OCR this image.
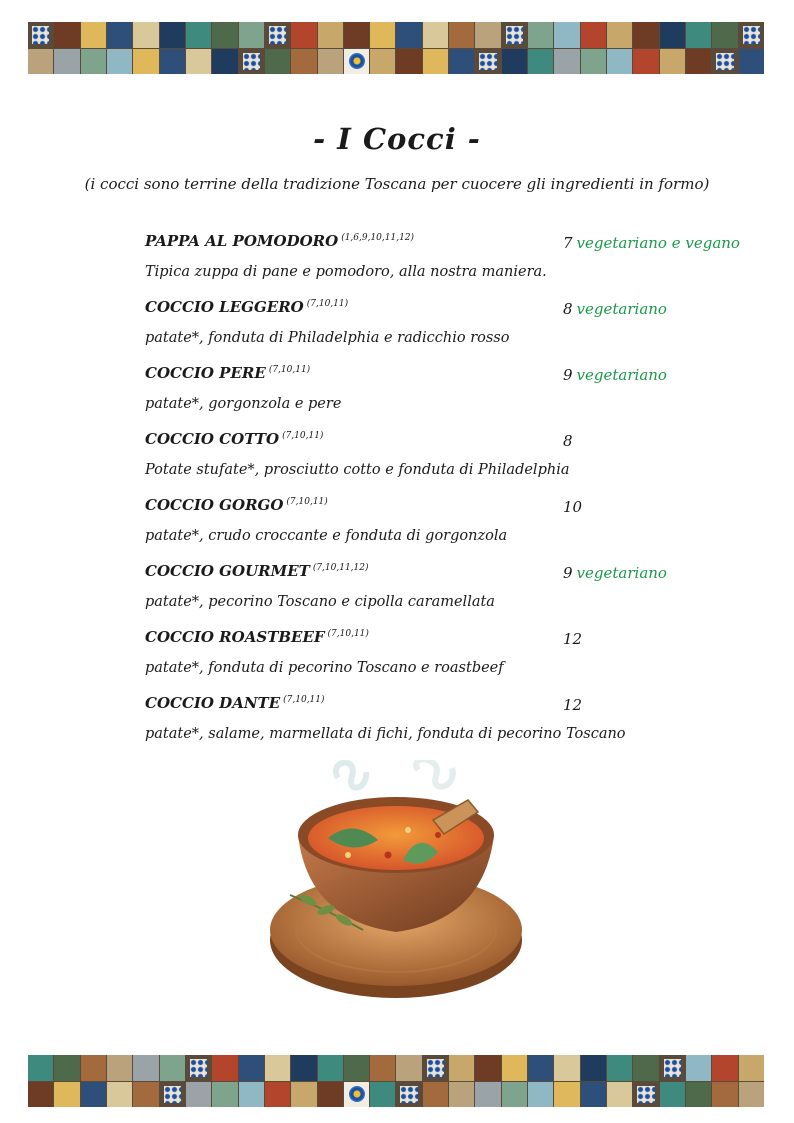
- I Cocci -
(i cocci sono terrine della tradizione Toscana per cuocere gli ingredienti in formo)
PAPPA AL POMODORO $^{(1,6,9,10,11,12)}$	7 vegetariano e vegano
Tipica zuppa di pane e pomodoro, alla nostra maniera.
COCCIO LEGGERO $^{(7,10,11)}$	8 vegetariano
patate*, fonduta di Philadelphia e radicchio rosso
COCCIO PERE $^{(7,10,11)}$	9 vegetariano
patate*, gorgonzola e pere
COCCIO COTTO $^{(7,10,11)}$	8
Potate stufate*, prosciutto cotto e fonduta di Philadelphia
COCCIO GORGO $^{(7,10,11)}$	10
patate*, crudo croccante e fonduta di gorgonzola
COCCIO GOURMET $^{(7,10,11,12)}$	9 vegetariano
patate*, pecorino Toscano e cipolla caramellata
COCCIO ROASTBEEF $^{(7,10,11)}$	12
patate*, fonduta di pecorino Toscano e roastbeef
COCCIO DANTE $^{(7,10,11)}$	12
patate*, salame, marmellata di fichi, fonduta di pecorino Toscano
